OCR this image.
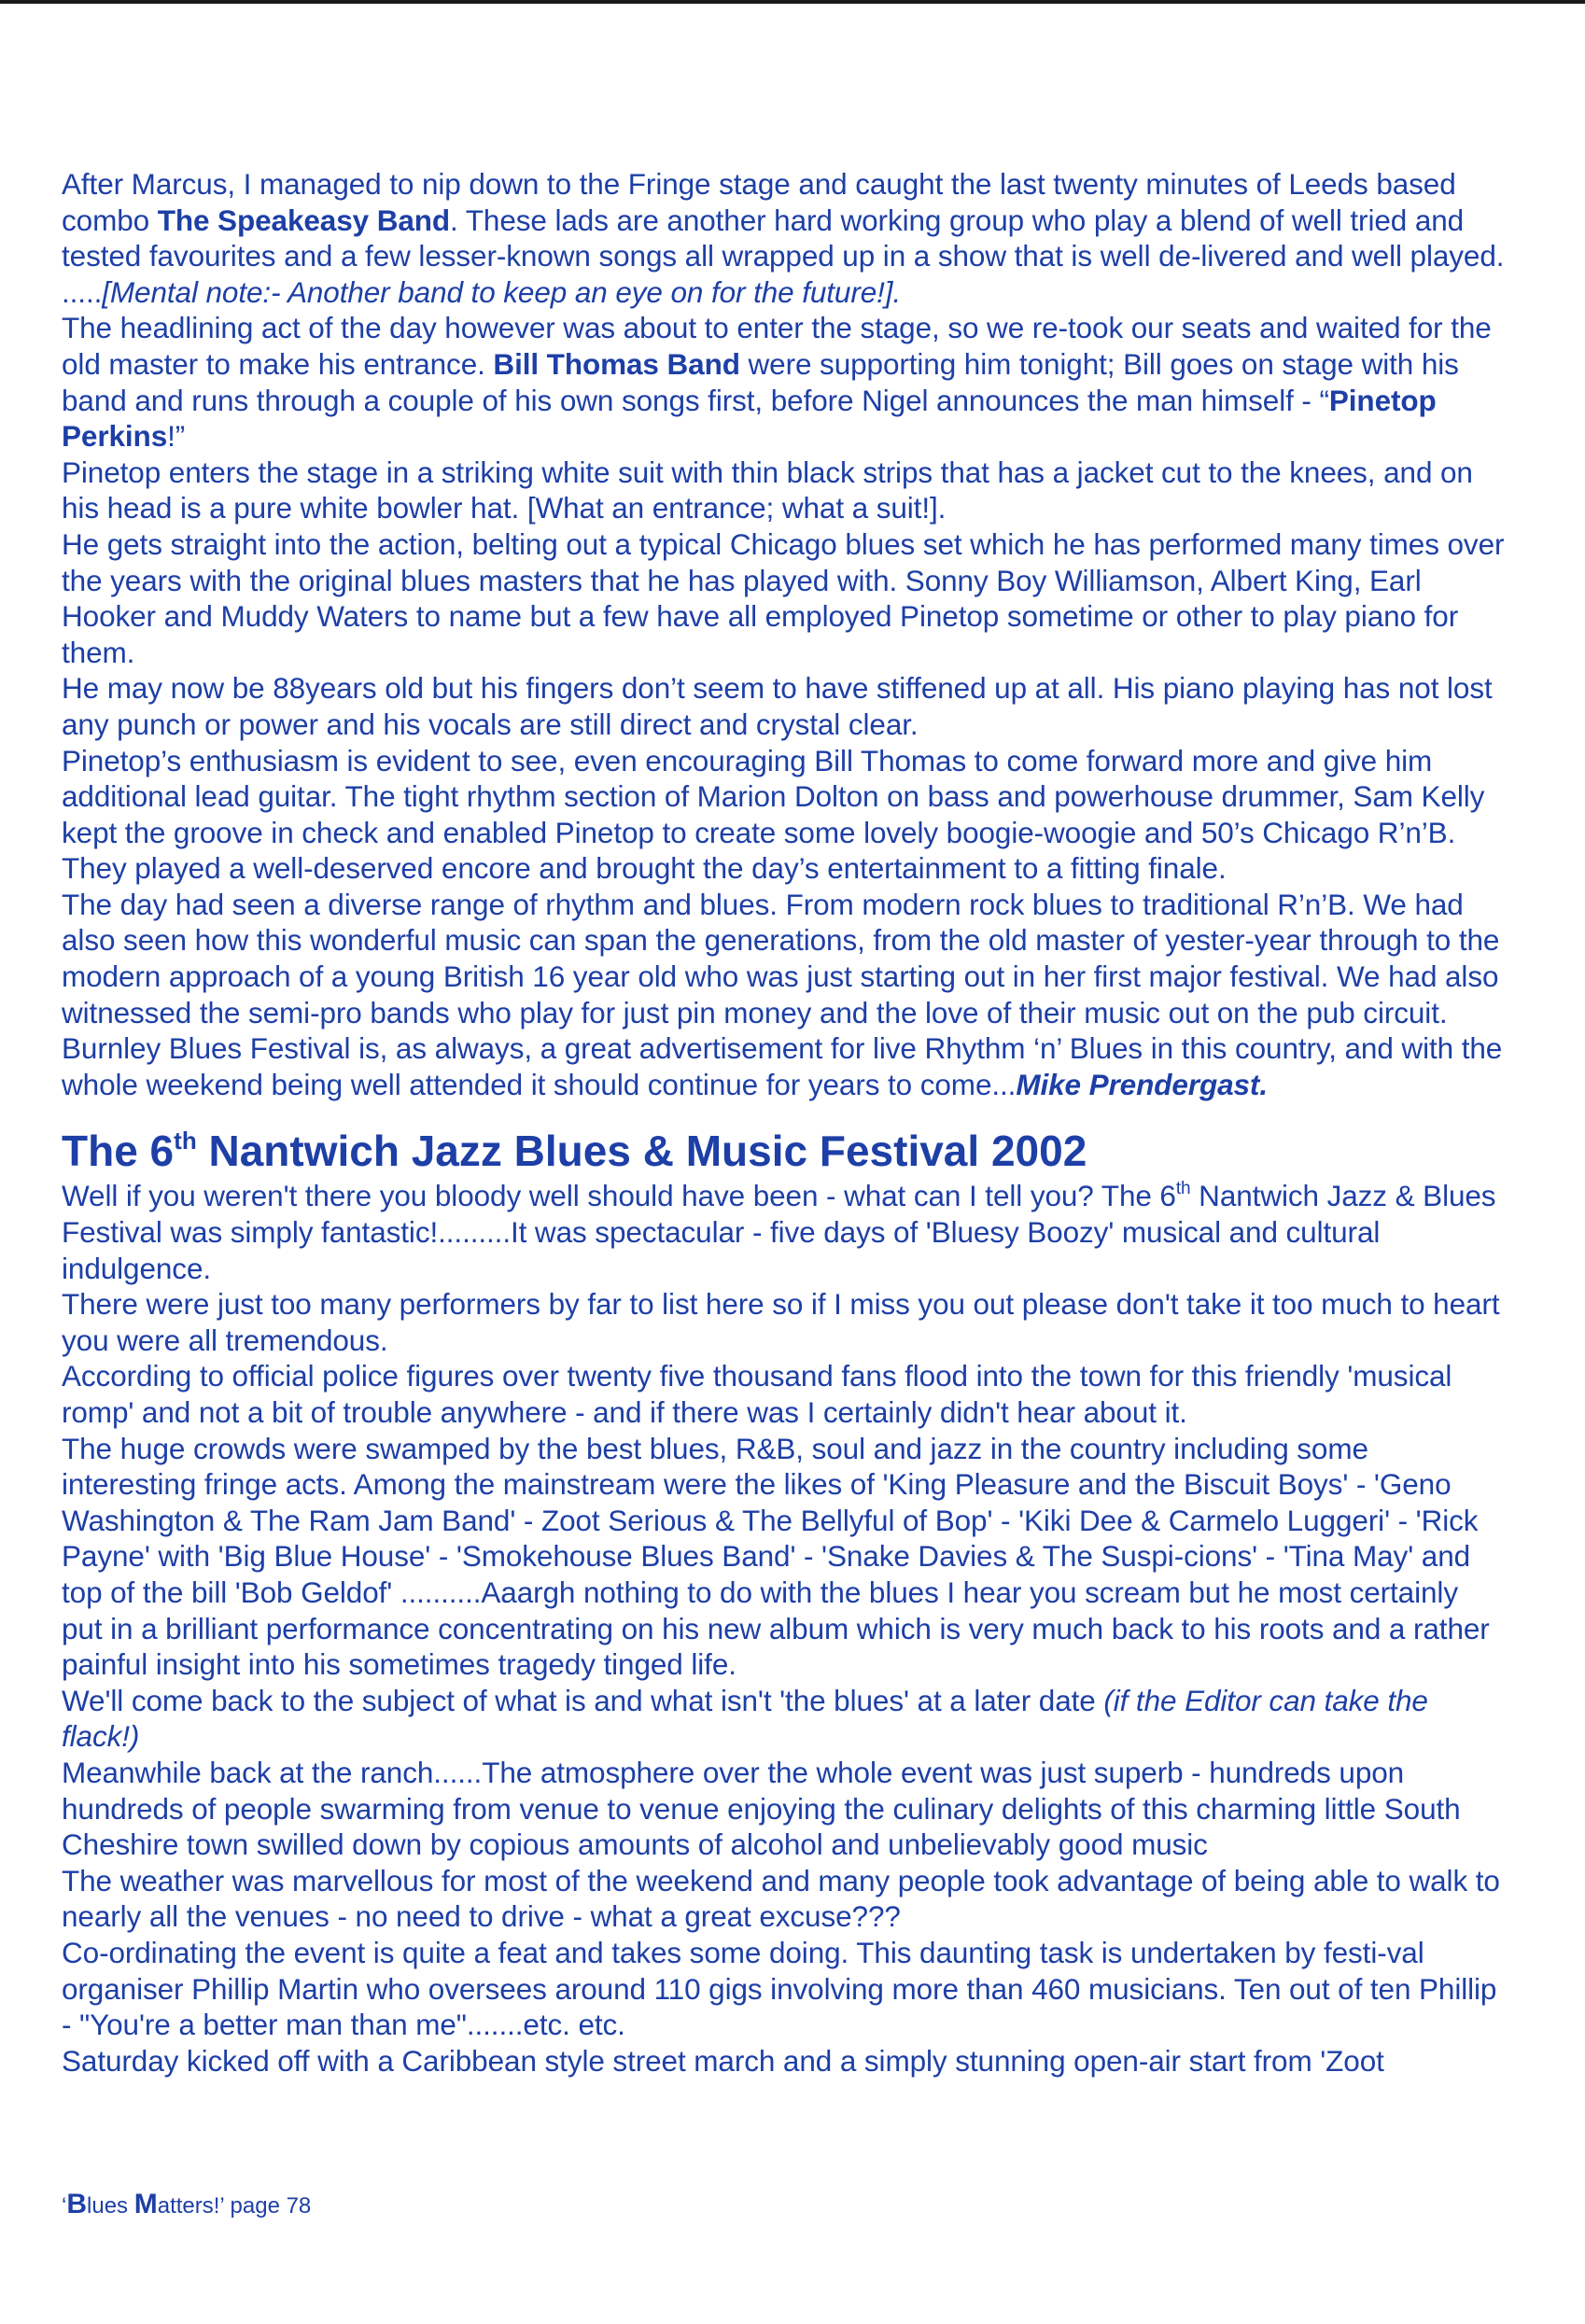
After Marcus, I managed to nip down to the Fringe stage and caught the last twenty minutes of Leeds based combo The Speakeasy Band. These lads are another hard working group who play a blend of well tried and tested favourites and a few lesser-known songs all wrapped up in a show that is well de-livered and well played. .....[Mental note:- Another band to keep an eye on for the future!].

The headlining act of the day however was about to enter the stage, so we re-took our seats and waited for the old master to make his entrance. Bill Thomas Band were supporting him tonight; Bill goes on stage with his band and runs through a couple of his own songs first, before Nigel announces the man himself - “Pinetop Perkins!”

Pinetop enters the stage in a striking white suit with thin black strips that has a jacket cut to the knees, and on his head is a pure white bowler hat. [What an entrance; what a suit!].

He gets straight into the action, belting out a typical Chicago blues set which he has performed many times over the years with the original blues masters that he has played with. Sonny Boy Williamson, Albert King, Earl Hooker and Muddy Waters to name but a few have all employed Pinetop sometime or other to play piano for them.

He may now be 88years old but his fingers don’t seem to have stiffened up at all. His piano playing has not lost any punch or power and his vocals are still direct and crystal clear.

Pinetop’s enthusiasm is evident to see, even encouraging Bill Thomas to come forward more and give him additional lead guitar. The tight rhythm section of Marion Dolton on bass and powerhouse drummer, Sam Kelly kept the groove in check and enabled Pinetop to create some lovely boogie-woogie and 50’s Chicago R’n’B. They played a well-deserved encore and brought the day’s entertainment to a fitting finale.

The day had seen a diverse range of rhythm and blues. From modern rock blues to traditional R’n’B. We had also seen how this wonderful music can span the generations, from the old master of yester-year through to the modern approach of a young British 16 year old who was just starting out in her first major festival. We had also witnessed the semi-pro bands who play for just pin money and the love of their music out on the pub circuit.

Burnley Blues Festival is, as always, a great advertisement for live Rhythm ‘n’ Blues in this country, and with the whole weekend being well attended it should continue for years to come...Mike Prendergast.

The 6th Nantwich Jazz Blues & Music Festival 2002

Well if you weren't there you bloody well should have been - what can I tell you? The 6th Nantwich Jazz & Blues Festival was simply fantastic!.........It was spectacular - five days of 'Bluesy Boozy' musical and cultural indulgence.

There were just too many performers by far to list here so if I miss you out please don't take it too much to heart you were all tremendous.

According to official police figures over twenty five thousand fans flood into the town for this friendly 'musical romp' and not a bit of trouble anywhere - and if there was I certainly didn't hear about it.

The huge crowds were swamped by the best blues, R&B, soul and jazz in the country including some interesting fringe acts. Among the mainstream were the likes of 'King Pleasure and the Biscuit Boys' - 'Geno Washington & The Ram Jam Band' - Zoot Serious & The Bellyful of Bop' - 'Kiki Dee & Carmelo Luggeri' - 'Rick Payne' with 'Big Blue House' - 'Smokehouse Blues Band' - 'Snake Davies & The Suspi-cions' - 'Tina May' and top of the bill 'Bob Geldof' ..........Aaargh nothing to do with the blues I hear you scream but he most certainly put in a brilliant performance concentrating on his new album which is very much back to his roots and a rather painful insight into his sometimes tragedy tinged life.

We'll come back to the subject of what is and what isn't 'the blues' at a later date (if the Editor can take the flack!)

Meanwhile back at the ranch......The atmosphere over the whole event was just superb - hundreds upon hundreds of people swarming from venue to venue enjoying the culinary delights of this charming little South Cheshire town swilled down by copious amounts of alcohol and unbelievably good music

The weather was marvellous for most of the weekend and many people took advantage of being able to walk to nearly all the venues - no need to drive - what a great excuse???

Co-ordinating the event is quite a feat and takes some doing. This daunting task is undertaken by festi-val organiser Phillip Martin who oversees around 110 gigs involving more than 460 musicians. Ten out of ten Phillip - "You're a better man than me".......etc. etc.

Saturday kicked off with a Caribbean style street march and a simply stunning open-air start from 'Zoot

‘Blues Matters!’ page 78
